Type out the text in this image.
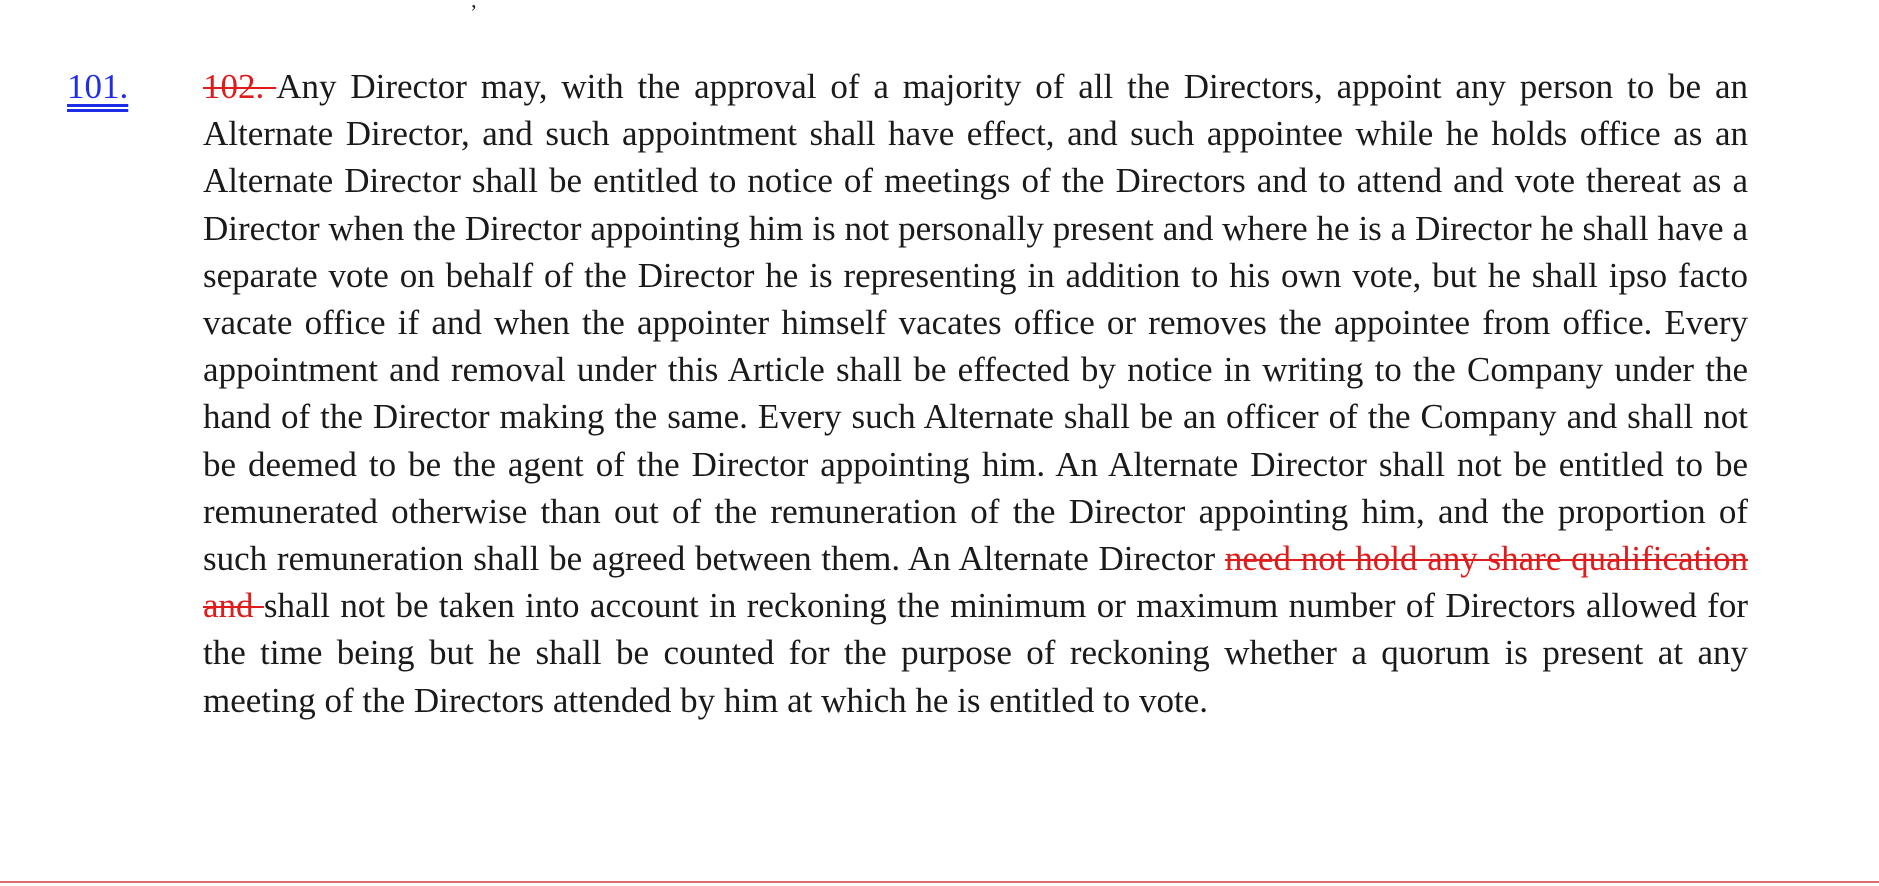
ʼ
101. 102. Any Director may, with the approval of a majority of all the Directors, appoint any person to be an Alternate Director, and such appointment shall have effect, and such appointee while he holds office as an Alternate Director shall be entitled to notice of meetings of the Directors and to attend and vote thereat as a Director when the Director appointing him is not personally present and where he is a Director he shall have a separate vote on behalf of the Director he is representing in addition to his own vote, but he shall ipso facto vacate office if and when the appointer himself vacates office or removes the appointee from office. Every appointment and removal under this Article shall be effected by notice in writing to the Company under the hand of the Director making the same. Every such Alternate shall be an officer of the Company and shall not be deemed to be the agent of the Director appointing him. An Alternate Director shall not be entitled to be remunerated otherwise than out of the remuneration of the Director appointing him, and the proportion of such remuneration shall be agreed between them. An Alternate Director need not hold any share qualification and shall not be taken into account in reckoning the minimum or maximum number of Directors allowed for the time being but he shall be counted for the purpose of reckoning whether a quorum is present at any meeting of the Directors attended by him at which he is entitled to vote.
